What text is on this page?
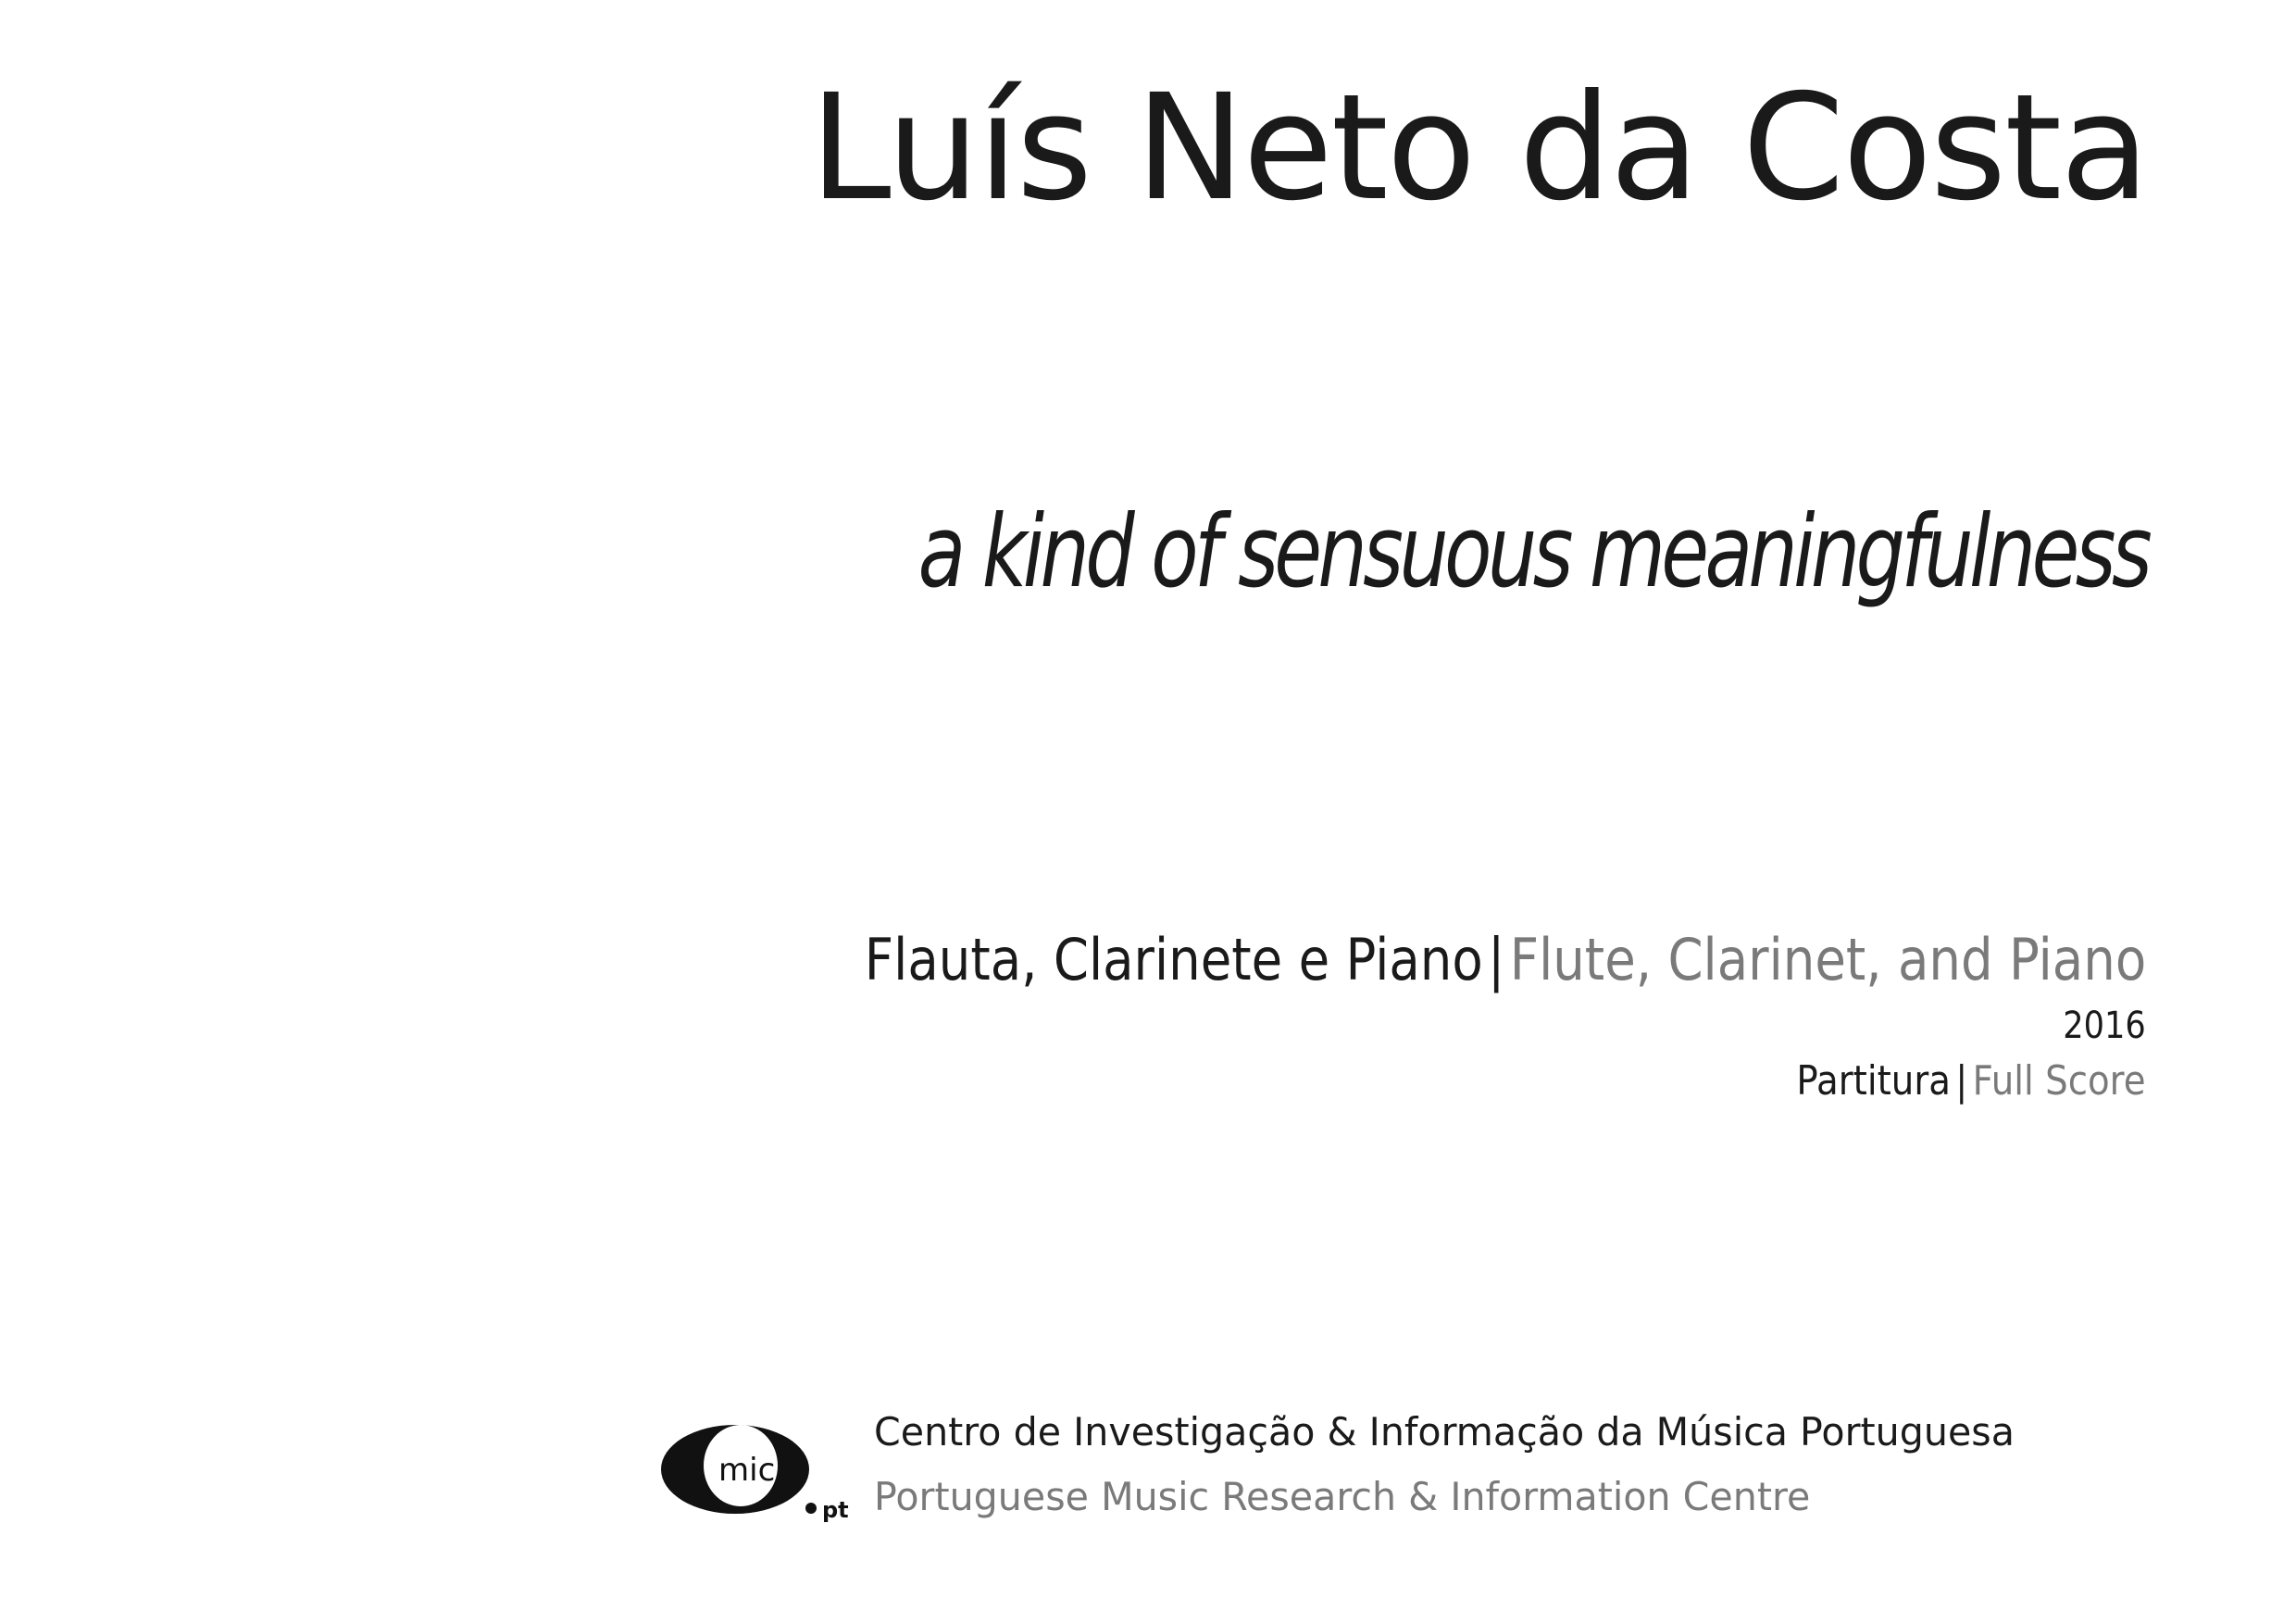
Luís Neto da Costa
a kind of sensuous meaningfulness
Flauta, Clarinete e Piano|Flute, Clarinet, and Piano
2016
Partitura | Full Score
mic
pt
Centro de Investigação & Informação da Música Portuguesa
Portuguese Music Research & Information Centre
